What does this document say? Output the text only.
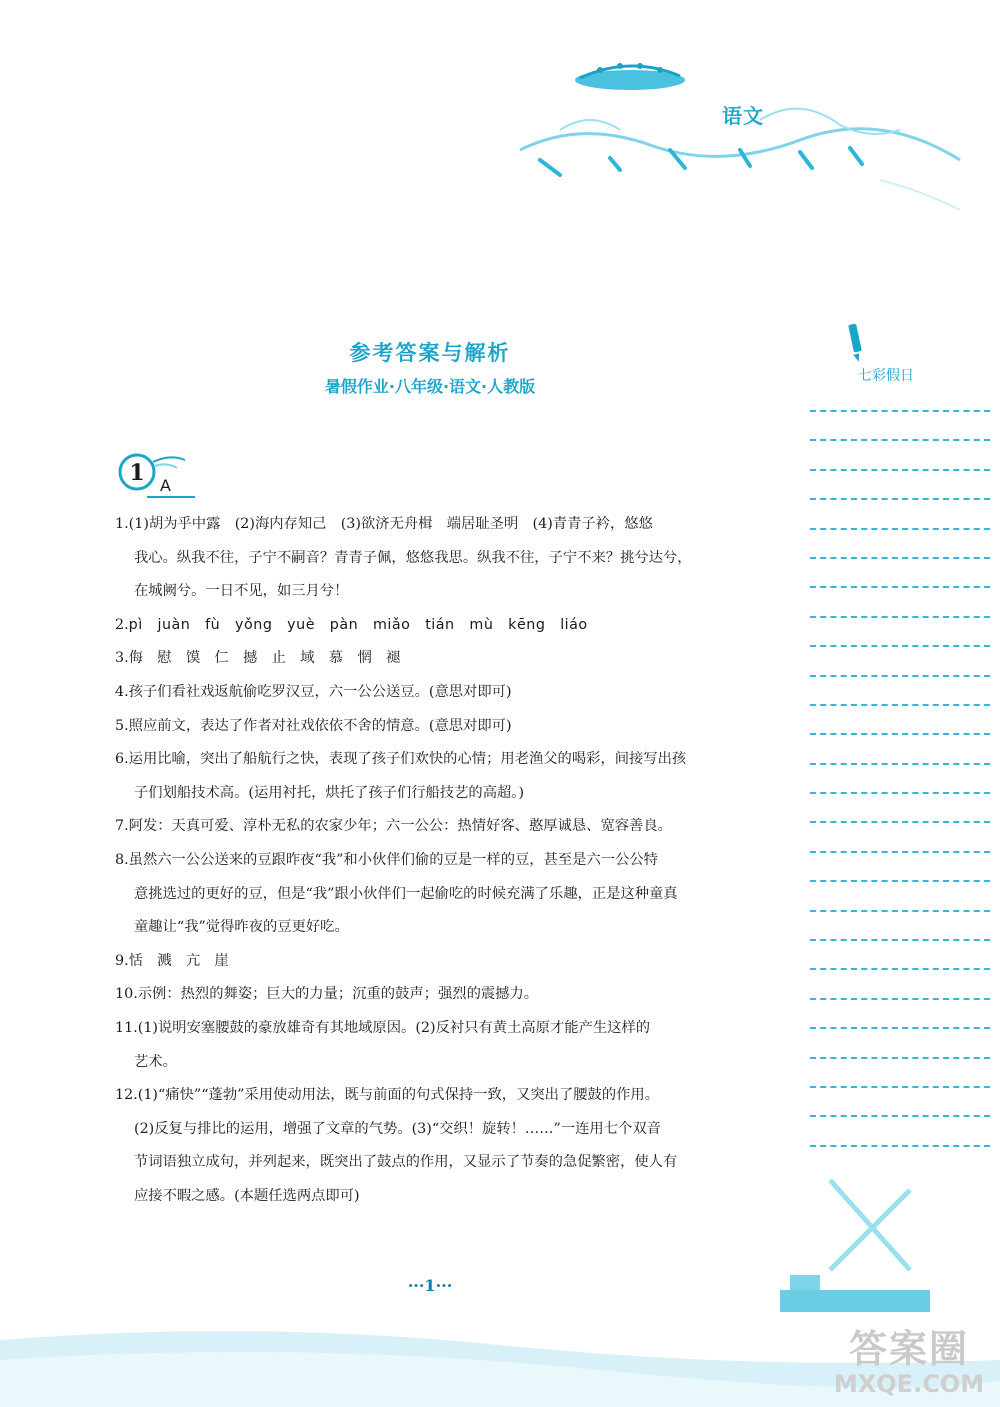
语文
七彩假日
参考答案与解析
暑假作业·八年级·语文·人教版
1 A
1.(1)胡为乎中露　(2)海内存知己　(3)欲济无舟楫　端居耻圣明　(4)青青子衿，悠悠
我心。纵我不往，子宁不嗣音？青青子佩，悠悠我思。纵我不往，子宁不来？挑兮达兮，
在城阙兮。一日不见，如三月兮！
2.pì　juàn　fù　yǒng　yuè　pàn　miǎo　tián　mù　kēng　liáo
3.侮　慰　馍　仁　撼　止　域　慕　惘　褪
4.孩子们看社戏返航偷吃罗汉豆，六一公公送豆。(意思对即可)
5.照应前文，表达了作者对社戏依依不舍的情意。(意思对即可)
6.运用比喻，突出了船航行之快，表现了孩子们欢快的心情；用老渔父的喝彩，间接写出孩
子们划船技术高。(运用衬托，烘托了孩子们行船技艺的高超。)
7.阿发：天真可爱、淳朴无私的农家少年；六一公公：热情好客、憨厚诚恳、宽容善良。
8.虽然六一公公送来的豆跟昨夜“我”和小伙伴们偷的豆是一样的豆，甚至是六一公公特
意挑选过的更好的豆，但是“我”跟小伙伴们一起偷吃的时候充满了乐趣，正是这种童真
童趣让“我”觉得昨夜的豆更好吃。
9.恬　溅　亢　崖
10.示例：热烈的舞姿；巨大的力量；沉重的鼓声；强烈的震撼力。
11.(1)说明安塞腰鼓的豪放雄奇有其地域原因。(2)反衬只有黄土高原才能产生这样的
艺术。
12.(1)“痛快”“蓬勃”采用使动用法，既与前面的句式保持一致，又突出了腰鼓的作用。
(2)反复与排比的运用，增强了文章的气势。(3)“交织！旋转！……”一连用七个双音
节词语独立成句，并列起来，既突出了鼓点的作用，又显示了节奏的急促繁密，使人有
应接不暇之感。(本题任选两点即可)
···1···
答案圈
MXQE.COM
